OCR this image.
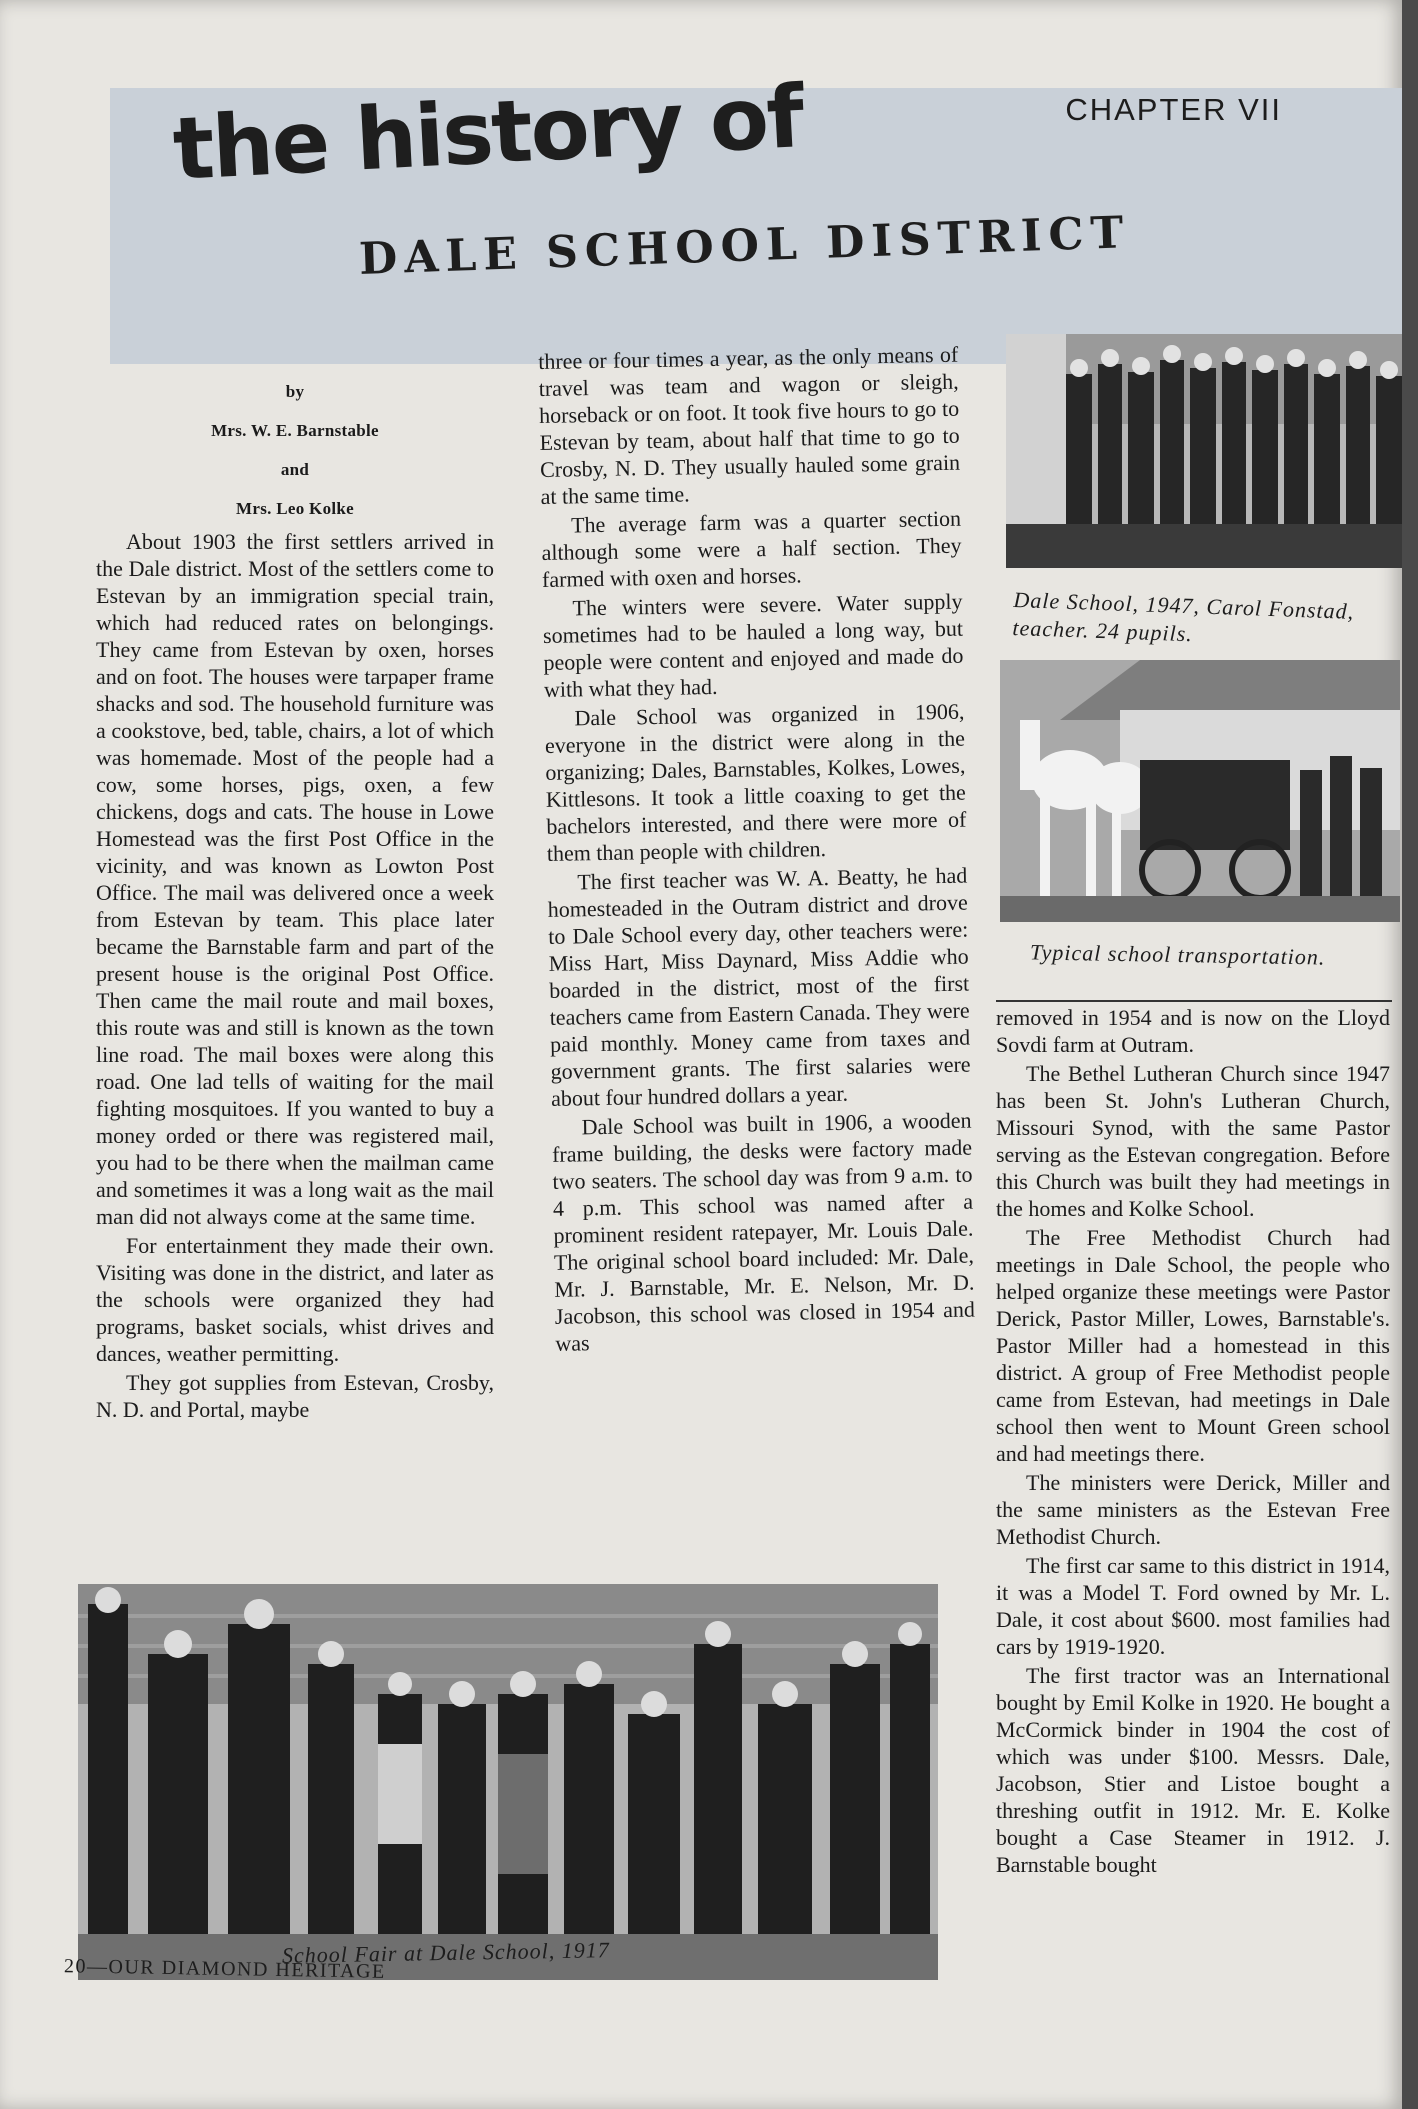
CHAPTER VII
the history of
DALE SCHOOL DISTRICT
by
Mrs. W. E. Barnstable
and
Mrs. Leo Kolke

About 1903 the first settlers arrived in the Dale district. Most of the settlers come to Estevan by an immigration special train, which had reduced rates on belongings. They came from Estevan by oxen, horses and on foot. The houses were tarpaper frame shacks and sod. The household furniture was a cookstove, bed, table, chairs, a lot of which was homemade. Most of the people had a cow, some horses, pigs, oxen, a few chickens, dogs and cats. The house in Lowe Homestead was the first Post Office in the vicinity, and was known as Lowton Post Office. The mail was delivered once a week from Estevan by team. This place later became the Barnstable farm and part of the present house is the original Post Office. Then came the mail route and mail boxes, this route was and still is known as the town line road. The mail boxes were along this road. One lad tells of waiting for the mail fighting mosquitoes. If you wanted to buy a money orded or there was registered mail, you had to be there when the mailman came and sometimes it was a long wait as the mail man did not always come at the same time.

For entertainment they made their own. Visiting was done in the district, and later as the schools were organized they had programs, basket socials, whist drives and dances, weather permitting.

They got supplies from Estevan, Crosby, N. D. and Portal, maybe

three or four times a year, as the only means of travel was team and wagon or sleigh, horseback or on foot. It took five hours to go to Estevan by team, about half that time to go to Crosby, N. D. They usually hauled some grain at the same time.

The average farm was a quarter section although some were a half section. They farmed with oxen and horses.

The winters were severe. Water supply sometimes had to be hauled a long way, but people were content and enjoyed and made do with what they had.

Dale School was organized in 1906, everyone in the district were along in the organizing; Dales, Barnstables, Kolkes, Lowes, Kittlesons. It took a little coaxing to get the bachelors interested, and there were more of them than people with children.

The first teacher was W. A. Beatty, he had homesteaded in the Outram district and drove to Dale School every day, other teachers were: Miss Hart, Miss Daynard, Miss Addie who boarded in the district, most of the first teachers came from Eastern Canada. They were paid monthly. Money came from taxes and government grants. The first salaries were about four hundred dollars a year.

Dale School was built in 1906, a wooden frame building, the desks were factory made two seaters. The school day was from 9 a.m. to 4 p.m. This school was named after a prominent resident ratepayer, Mr. Louis Dale. The original school board included: Mr. Dale, Mr. J. Barnstable, Mr. E. Nelson, Mr. D. Jacobson, this school was closed in 1954 and was

Dale School, 1947, Carol Fonstad, teacher. 24 pupils.
Typical school transportation.

removed in 1954 and is now on the Lloyd Sovdi farm at Outram.

The Bethel Lutheran Church since 1947 has been St. John's Lutheran Church, Missouri Synod, with the same Pastor serving as the Estevan congregation. Before this Church was built they had meetings in the homes and Kolke School.

The Free Methodist Church had meetings in Dale School, the people who helped organize these meetings were Pastor Derick, Pastor Miller, Lowes, Barnstable's. Pastor Miller had a homestead in this district. A group of Free Methodist people came from Estevan, had meetings in Dale school then went to Mount Green school and had meetings there.

The ministers were Derick, Miller and the same ministers as the Estevan Free Methodist Church.

The first car same to this district in 1914, it was a Model T. Ford owned by Mr. L. Dale, it cost about $600. most families had cars by 1919-1920.

The first tractor was an International bought by Emil Kolke in 1920. He bought a McCormick binder in 1904 the cost of which was under $100. Messrs. Dale, Jacobson, Stier and Listoe bought a threshing outfit in 1912. Mr. E. Kolke bought a Case Steamer in 1912. J. Barnstable bought

School Fair at Dale School, 1917
20—OUR DIAMOND HERITAGE
